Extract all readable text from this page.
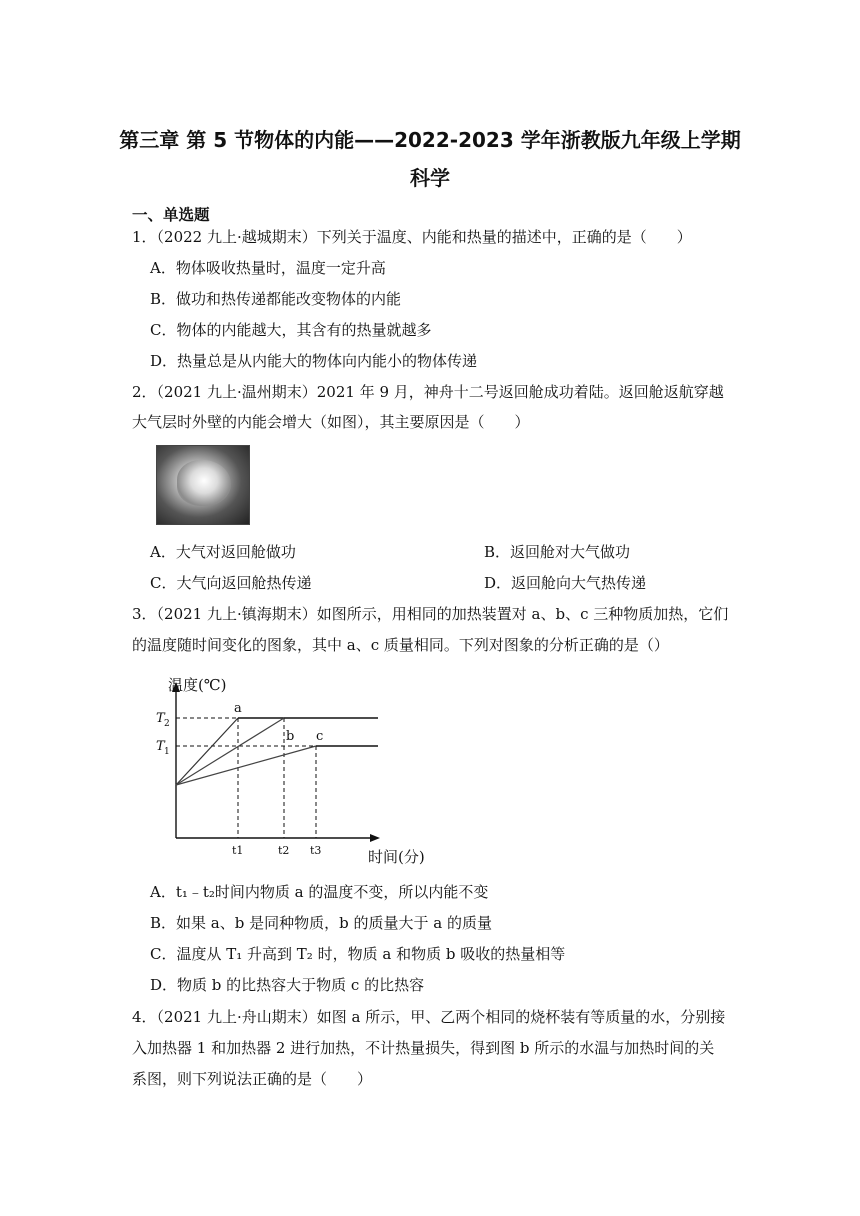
第三章 第 5 节物体的内能——2022-2023 学年浙教版九年级上学期
科学
一、单选题
1．（2022 九上·越城期末）下列关于温度、内能和热量的描述中，正确的是（　　）
A．物体吸收热量时，温度一定升高
B．做功和热传递都能改变物体的内能
C．物体的内能越大，其含有的热量就越多
D．热量总是从内能大的物体向内能小的物体传递
2．（2021 九上·温州期末）2021 年 9 月，神舟十二号返回舱成功着陆。返回舱返航穿越
大气层时外壁的内能会增大（如图），其主要原因是（　　）
A．大气对返回舱做功	B．返回舱对大气做功
C．大气向返回舱热传递	D．返回舱向大气热传递
3．（2021 九上·镇海期末）如图所示，用相同的加热装置对 a、b、c 三种物质加热，它们
的温度随时间变化的图象，其中 a、c 质量相同。下列对图象的分析正确的是（）
温度(℃)
时间(分)
T 2
T 1
a
b c
t1	t2 t3
A．t₁﹣t₂时间内物质 a 的温度不变，所以内能不变
B．如果 a、b 是同种物质，b 的质量大于 a 的质量
C．温度从 T₁ 升高到 T₂ 时，物质 a 和物质 b 吸收的热量相等
D．物质 b 的比热容大于物质 c 的比热容
4．（2021 九上·舟山期末）如图 a 所示，甲、乙两个相同的烧杯装有等质量的水，分别接
入加热器 1 和加热器 2 进行加热，不计热量损失，得到图 b 所示的水温与加热时间的关
系图，则下列说法正确的是（　　）
